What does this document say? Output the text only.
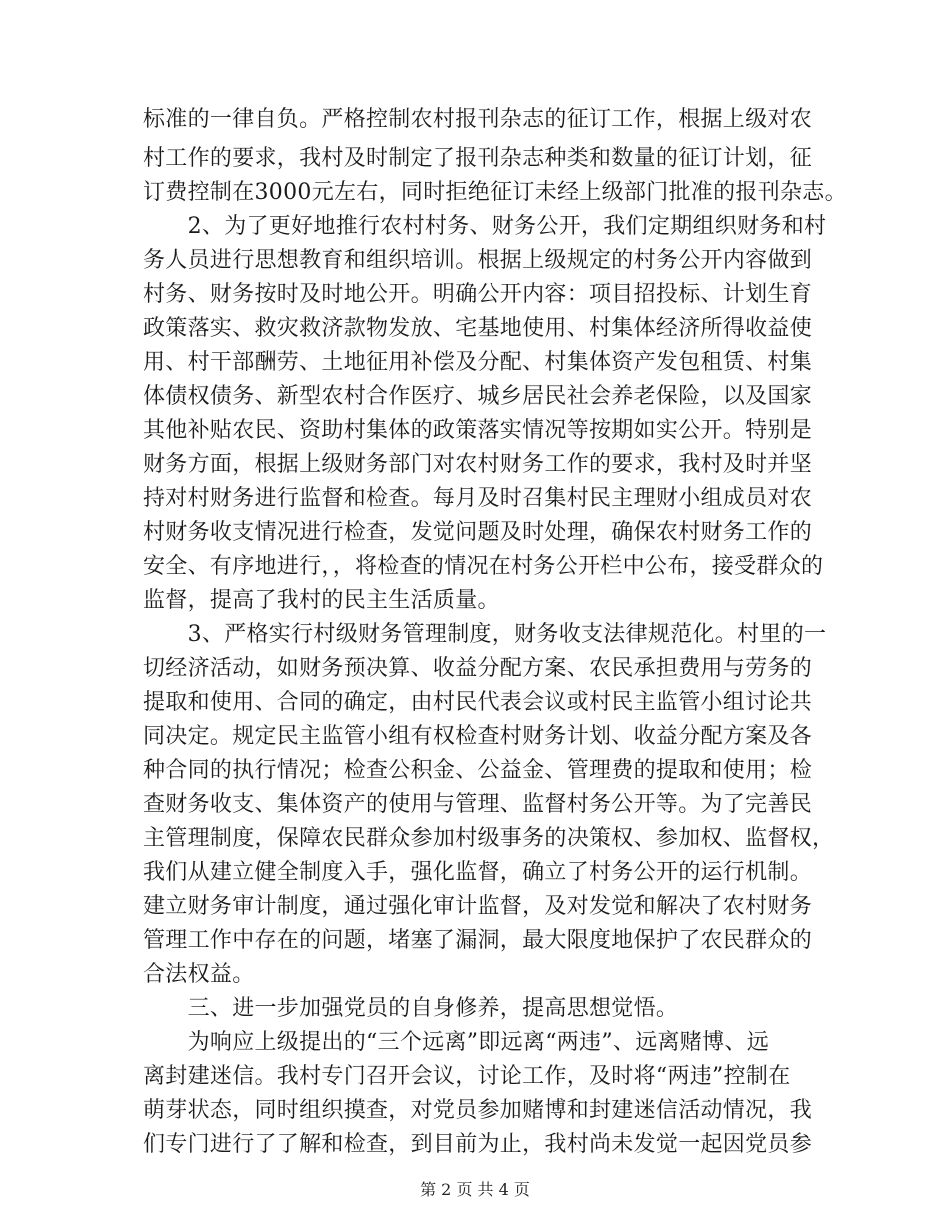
标准的一律自负。严格控制农村报刊杂志的征订工作，根据上级对农
村工作的要求，我村及时制定了报刊杂志种类和数量的征订计划，征
订费控制在3000元左右，同时拒绝征订未经上级部门批准的报刊杂志。
　　2、为了更好地推行农村村务、财务公开，我们定期组织财务和村
务人员进行思想教育和组织培训。根据上级规定的村务公开内容做到
村务、财务按时及时地公开。明确公开内容：项目招投标、计划生育
政策落实、救灾救济款物发放、宅基地使用、村集体经济所得收益使
用、村干部酬劳、土地征用补偿及分配、村集体资产发包租赁、村集
体债权债务、新型农村合作医疗、城乡居民社会养老保险，以及国家
其他补贴农民、资助村集体的政策落实情况等按期如实公开。特别是
财务方面，根据上级财务部门对农村财务工作的要求，我村及时并坚
持对村财务进行监督和检查。每月及时召集村民主理财小组成员对农
村财务收支情况进行检查，发觉问题及时处理，确保农村财务工作的
安全、有序地进行，，将检查的情况在村务公开栏中公布，接受群众的
监督，提高了我村的民主生活质量。
　　3、严格实行村级财务管理制度，财务收支法律规范化。村里的一
切经济活动，如财务预决算、收益分配方案、农民承担费用与劳务的
提取和使用、合同的确定，由村民代表会议或村民主监管小组讨论共
同决定。规定民主监管小组有权检查村财务计划、收益分配方案及各
种合同的执行情况；检查公积金、公益金、管理费的提取和使用；检
查财务收支、集体资产的使用与管理、监督村务公开等。为了完善民
主管理制度，保障农民群众参加村级事务的决策权、参加权、监督权，
我们从建立健全制度入手，强化监督，确立了村务公开的运行机制。
建立财务审计制度，通过强化审计监督，及对发觉和解决了农村财务
管理工作中存在的问题，堵塞了漏洞，最大限度地保护了农民群众的
合法权益。
　　三、进一步加强党员的自身修养，提高思想觉悟。
　　为响应上级提出的“三个远离”即远离“两违”、远离赌博、远
离封建迷信。我村专门召开会议，讨论工作，及时将“两违”控制在
萌芽状态，同时组织摸查，对党员参加赌博和封建迷信活动情况，我
们专门进行了了解和检查，到目前为止，我村尚未发觉一起因党员参
第 2 页 共 4 页
